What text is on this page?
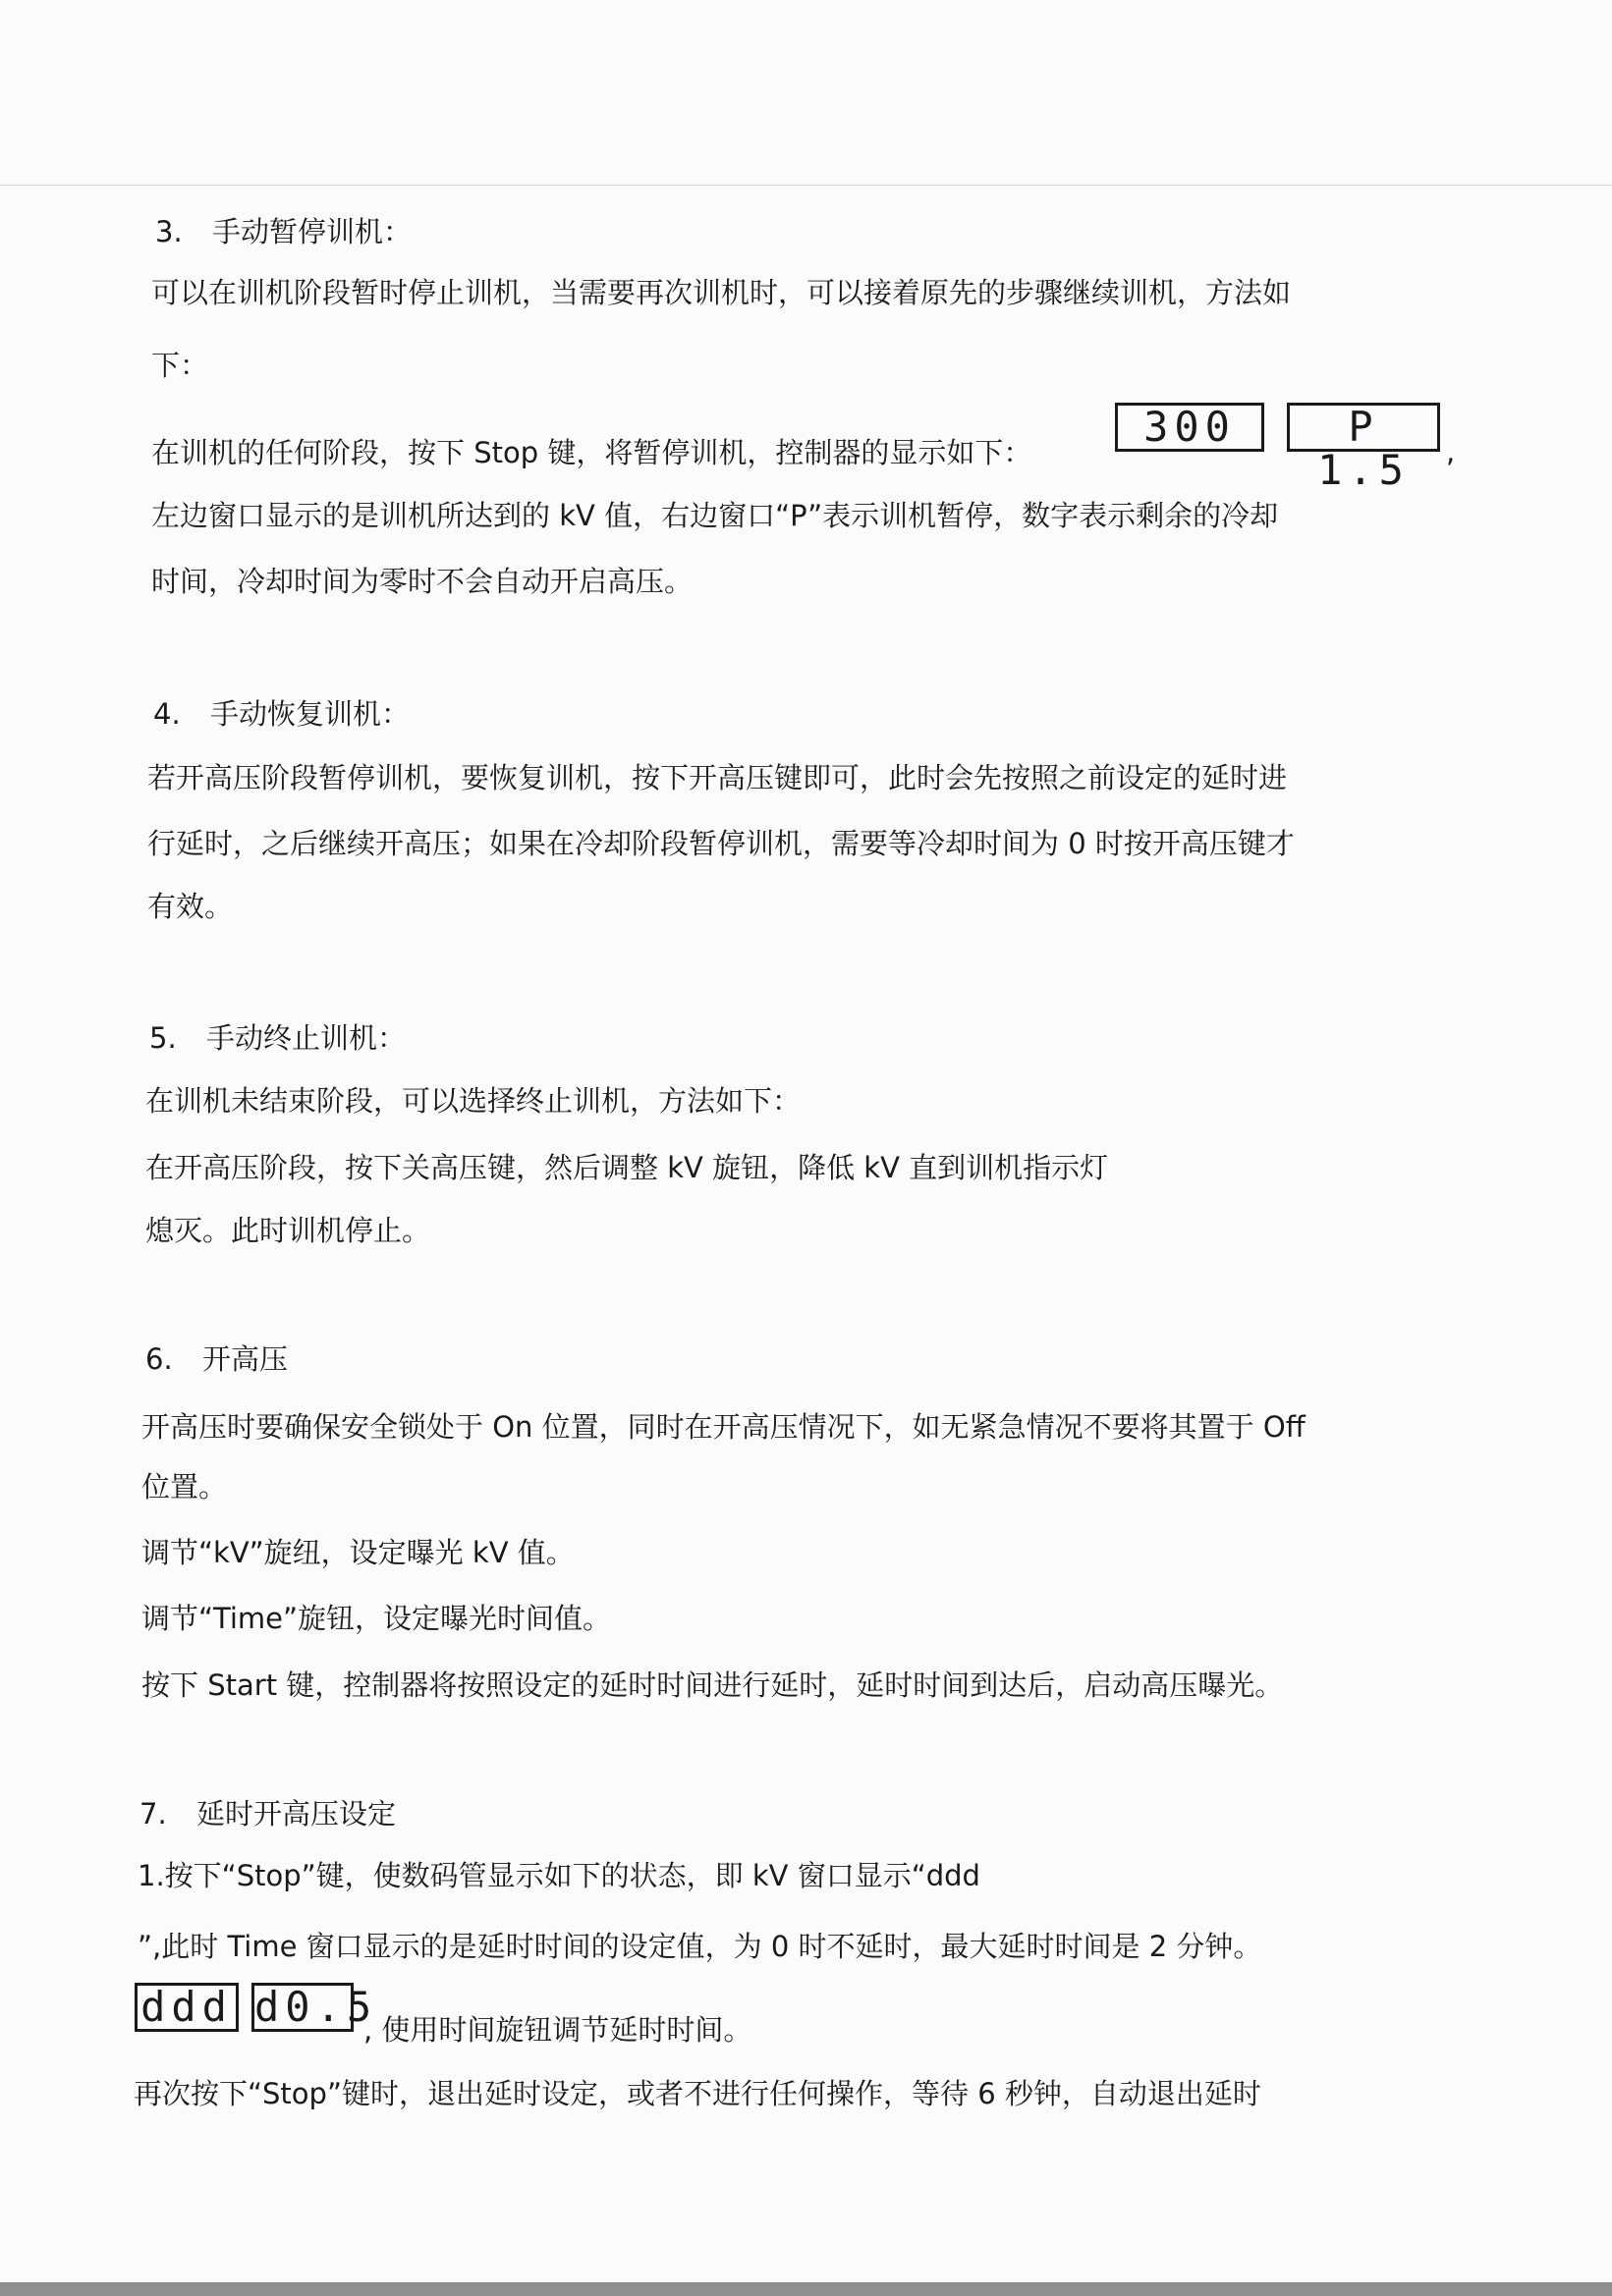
3. 手动暂停训机：
可以在训机阶段暂时停止训机，当需要再次训机时，可以接着原先的步骤继续训机，方法如
下：
在训机的任何阶段，按下 Stop 键，将暂停训机，控制器的显示如下：
300	P 1.5	,
左边窗口显示的是训机所达到的 kV 值，右边窗口“P”表示训机暂停，数字表示剩余的冷却
时间，冷却时间为零时不会自动开启高压。
4. 手动恢复训机：
若开高压阶段暂停训机，要恢复训机，按下开高压键即可，此时会先按照之前设定的延时进
行延时，之后继续开高压；如果在冷却阶段暂停训机，需要等冷却时间为 0 时按开高压键才
有效。
5. 手动终止训机：
在训机未结束阶段，可以选择终止训机，方法如下：
在开高压阶段，按下关高压键，然后调整 kV 旋钮，降低 kV 直到训机指示灯
熄灭。此时训机停止。
6. 开高压
开高压时要确保安全锁处于 On 位置，同时在开高压情况下，如无紧急情况不要将其置于 Off
位置。
调节“kV”旋纽，设定曝光 kV 值。
调节“Time”旋钮，设定曝光时间值。
按下 Start 键，控制器将按照设定的延时时间进行延时，延时时间到达后，启动高压曝光。
7. 延时开高压设定
1.按下“Stop”键，使数码管显示如下的状态，即 kV 窗口显示“ddd
”,此时 Time 窗口显示的是延时时间的设定值，为 0 时不延时，最大延时时间是 2 分钟。
ddd d0.5
, 使用时间旋钮调节延时时间。
再次按下“Stop”键时，退出延时设定，或者不进行任何操作，等待 6 秒钟，自动退出延时
